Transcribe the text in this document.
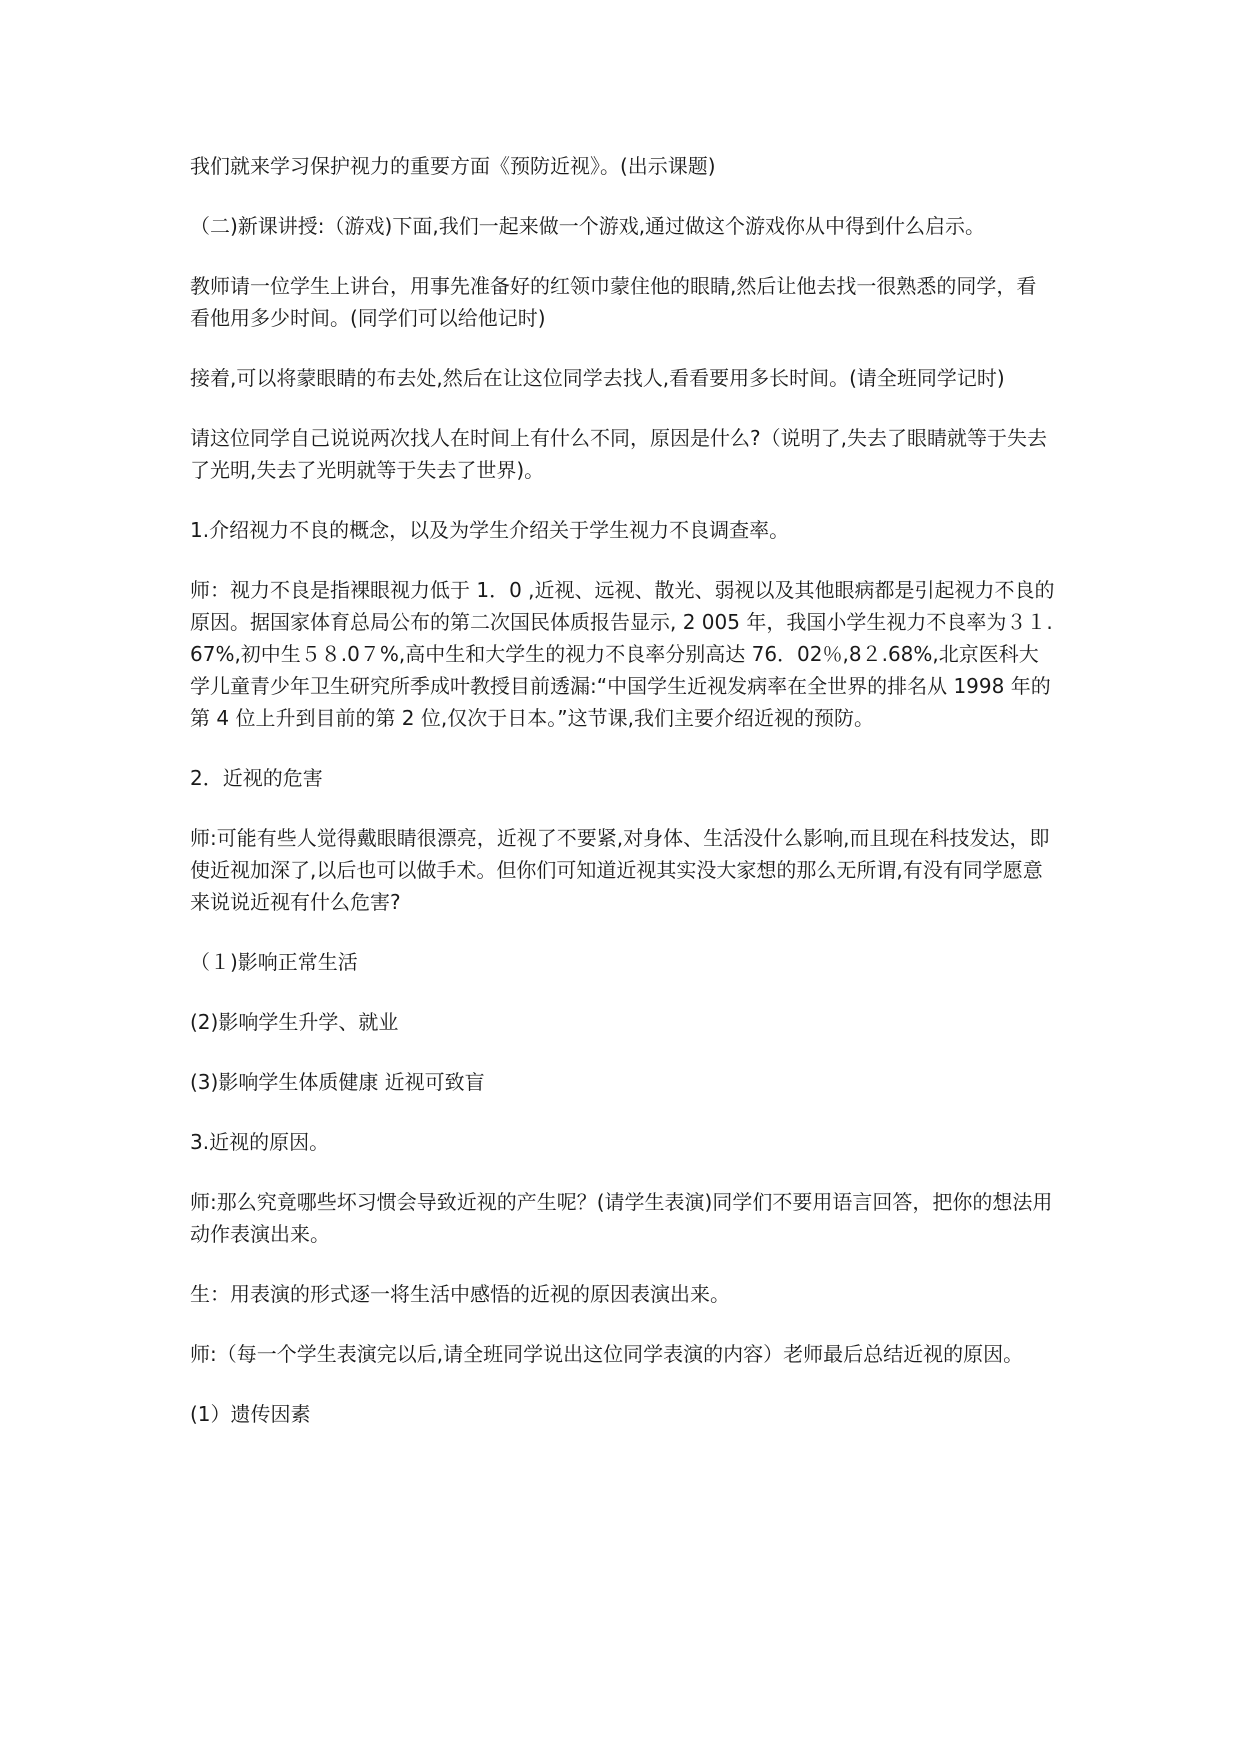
我们就来学习保护视力的重要方面《预防近视》。(出示课题)

（二)新课讲授:（游戏)下面,我们一起来做一个游戏,通过做这个游戏你从中得到什么启示。

教师请一位学生上讲台，用事先准备好的红领巾蒙住他的眼睛,然后让他去找一很熟悉的同学，看看他用多少时间。(同学们可以给他记时)

接着,可以将蒙眼睛的布去处,然后在让这位同学去找人,看看要用多长时间。(请全班同学记时)

请这位同学自己说说两次找人在时间上有什么不同，原因是什么?（说明了,失去了眼睛就等于失去了光明,失去了光明就等于失去了世界)。

1.介绍视力不良的概念，以及为学生介绍关于学生视力不良调查率。

师：视力不良是指裸眼视力低于 1．0 ,近视、远视、散光、弱视以及其他眼病都是引起视力不良的原因。据国家体育总局公布的第二次国民体质报告显示, 2 005 年，我国小学生视力不良率为３１.67%,初中生５８.0７%,高中生和大学生的视力不良率分别高达 76．02％,8２.68%,北京医科大学儿童青少年卫生研究所季成叶教授目前透漏:“中国学生近视发病率在全世界的排名从 1998 年的第 4 位上升到目前的第 2 位,仅次于日本。”这节课,我们主要介绍近视的预防。

2．近视的危害

师:可能有些人觉得戴眼睛很漂亮，近视了不要紧,对身体、生活没什么影响,而且现在科技发达，即使近视加深了,以后也可以做手术。但你们可知道近视其实没大家想的那么无所谓,有没有同学愿意来说说近视有什么危害?

（１)影响正常生活

(2)影响学生升学、就业

(3)影响学生体质健康 近视可致盲

3.近视的原因。

师:那么究竟哪些坏习惯会导致近视的产生呢？(请学生表演)同学们不要用语言回答，把你的想法用动作表演出来。

生：用表演的形式逐一将生活中感悟的近视的原因表演出来。

师:（每一个学生表演完以后,请全班同学说出这位同学表演的内容）老师最后总结近视的原因。

(1）遗传因素
